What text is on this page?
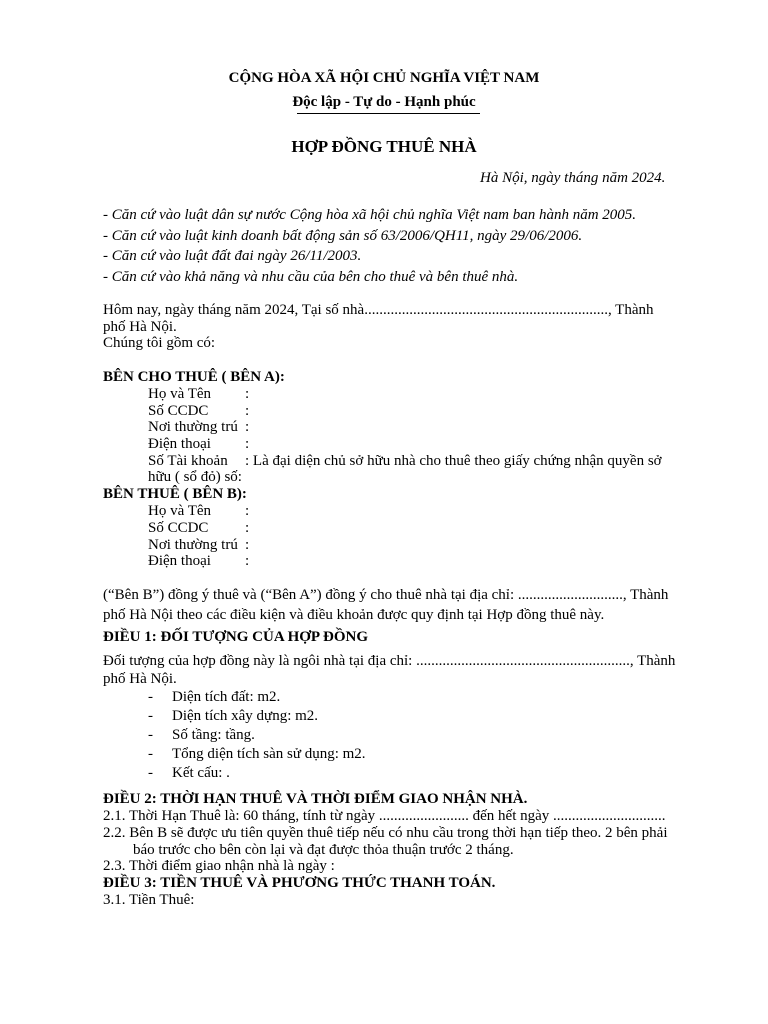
CỘNG HÒA XÃ HỘI CHỦ NGHĨA VIỆT NAM
Độc lập - Tự do - Hạnh phúc
HỢP ĐỒNG THUÊ NHÀ
Hà Nội, ngày tháng năm 2024.
- Căn cứ vào luật dân sự nước Cộng hòa xã hội chủ nghĩa Việt nam ban hành năm 2005.
- Căn cứ vào luật kinh doanh bất động sản số 63/2006/QH11, ngày 29/06/2006.
- Căn cứ vào luật đất đai ngày 26/11/2003.
- Căn cứ vào khả năng và nhu cầu của bên cho thuê và bên thuê nhà.
Hôm nay, ngày tháng năm 2024, Tại số nhà................................................................., Thành
phố Hà Nội.
Chúng tôi gồm có:
BÊN CHO THUÊ ( BÊN A):
Họ và Tên :
Số CCDC :
Nơi thường trú :
Điện thoại :
Số Tài khoản : Là đại diện chủ sở hữu nhà cho thuê theo giấy chứng nhận quyền sở
hữu ( sổ đỏ) số:
BÊN THUÊ ( BÊN B):
Họ và Tên :
Số CCDC :
Nơi thường trú :
Điện thoại :
(“Bên B”) đồng ý thuê và (“Bên A”) đồng ý cho thuê nhà tại địa chỉ: ............................, Thành
phố Hà Nội theo các điều kiện và điều khoản được quy định tại Hợp đồng thuê này.
ĐIỀU 1: ĐỐI TƯỢNG CỦA HỢP ĐỒNG
Đối tượng của hợp đồng này là ngôi nhà tại địa chỉ: ........................................................., Thành
phố Hà Nội.
- Diện tích đất: m2.
- Diện tích xây dựng: m2.
- Số tầng: tầng.
- Tổng diện tích sàn sử dụng: m2.
- Kết cấu: .
ĐIỀU 2: THỜI HẠN THUÊ VÀ THỜI ĐIỂM GIAO NHẬN NHÀ.
2.1. Thời Hạn Thuê là: 60 tháng, tính từ ngày ........................ đến hết ngày ..............................
2.2. Bên B sẽ được ưu tiên quyền thuê tiếp nếu có nhu cầu trong thời hạn tiếp theo. 2 bên phải
báo trước cho bên còn lại và đạt được thỏa thuận trước 2 tháng.
2.3. Thời điểm giao nhận nhà là ngày :
ĐIỀU 3: TIỀN THUÊ VÀ PHƯƠNG THỨC THANH TOÁN.
3.1. Tiền Thuê:
